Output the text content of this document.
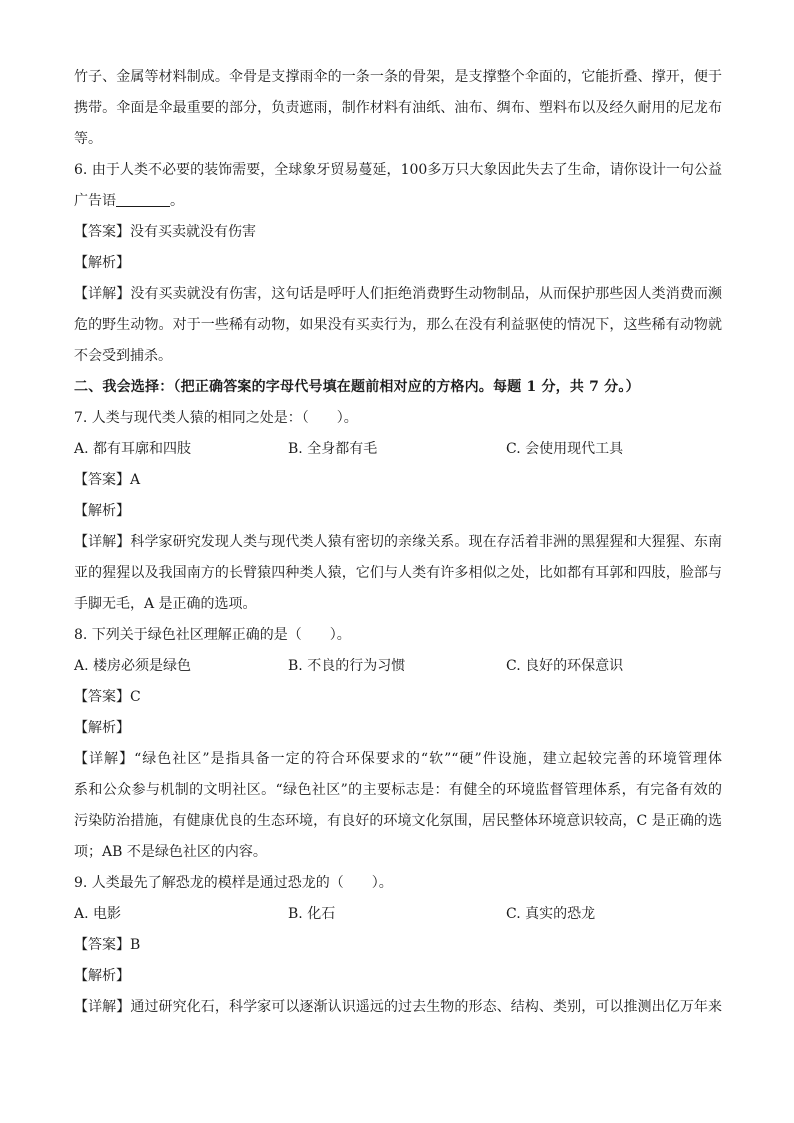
竹子、金属等材料制成。伞骨是支撑雨伞的一条一条的骨架，是支撑整个伞面的，它能折叠、撑开，便于
携带。伞面是伞最重要的部分，负责遮雨，制作材料有油纸、油布、绸布、塑料布以及经久耐用的尼龙布
等。
6. 由于人类不必要的装饰需要，全球象牙贸易蔓延，100多万只大象因此失去了生命，请你设计一句公益
广告语	。
【答案】没有买卖就没有伤害
【解析】
【详解】没有买卖就没有伤害，这句话是呼吁人们拒绝消费野生动物制品，从而保护那些因人类消费而濒
危的野生动物。对于一些稀有动物，如果没有买卖行为，那么在没有利益驱使的情况下，这些稀有动物就
不会受到捕杀。
二、我会选择：（把正确答案的字母代号填在题前相对应的方格内。每题 1 分，共 7 分。）
7. 人类与现代类人猿的相同之处是：（　　）。
A. 都有耳廓和四肢	B. 全身都有毛	C. 会使用现代工具
【答案】A
【解析】
【详解】科学家研究发现人类与现代类人猿有密切的亲缘关系。现在存活着非洲的黑猩猩和大猩猩、东南
亚的猩猩以及我国南方的长臂猿四种类人猿，它们与人类有许多相似之处，比如都有耳郭和四肢，脸部与
手脚无毛，A 是正确的选项。
8. 下列关于绿色社区理解正确的是（　　）。
A. 楼房必须是绿色	B. 不良的行为习惯	C. 良好的环保意识
【答案】C
【解析】
【详解】“绿色社区”是指具备一定的符合环保要求的“软”“硬”件设施，建立起较完善的环境管理体
系和公众参与机制的文明社区。“绿色社区”的主要标志是：有健全的环境监督管理体系，有完备有效的
污染防治措施，有健康优良的生态环境，有良好的环境文化氛围，居民整体环境意识较高，C 是正确的选
项；AB 不是绿色社区的内容。
9. 人类最先了解恐龙的模样是通过恐龙的（　　）。
A. 电影	B. 化石	C. 真实的恐龙
【答案】B
【解析】
【详解】通过研究化石，科学家可以逐渐认识遥远的过去生物的形态、结构、类别，可以推测出亿万年来
